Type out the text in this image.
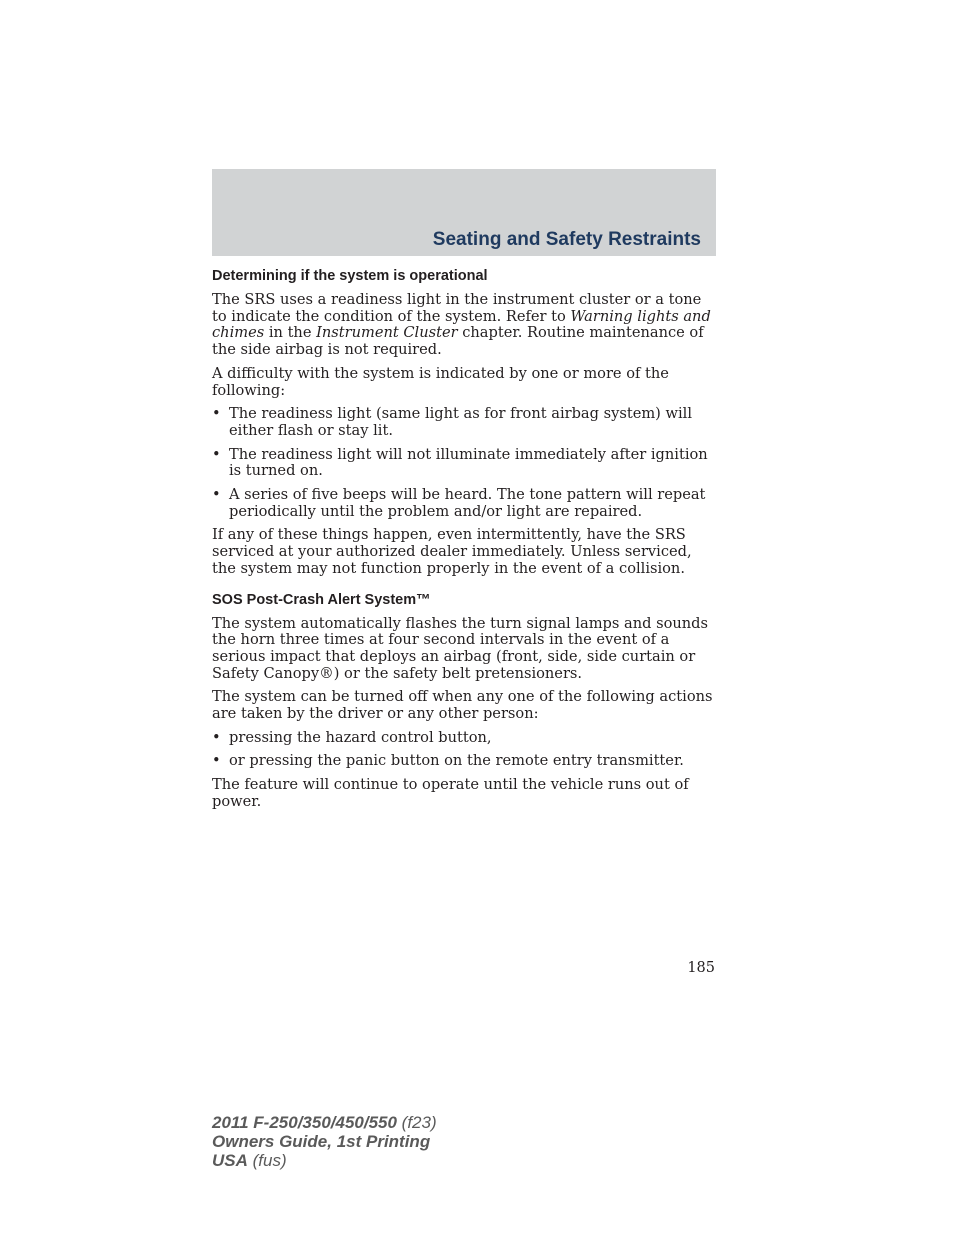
Seating and Safety Restraints
Determining if the system is operational

The SRS uses a readiness light in the instrument cluster or a tone to indicate the condition of the system. Refer to Warning lights and chimes in the Instrument Cluster chapter. Routine maintenance of the side airbag is not required.

A difficulty with the system is indicated by one or more of the following:

• The readiness light (same light as for front airbag system) will either flash or stay lit.
• The readiness light will not illuminate immediately after ignition is turned on.
• A series of five beeps will be heard. The tone pattern will repeat periodically until the problem and/or light are repaired.

If any of these things happen, even intermittently, have the SRS serviced at your authorized dealer immediately. Unless serviced, the system may not function properly in the event of a collision.

SOS Post-Crash Alert System™

The system automatically flashes the turn signal lamps and sounds the horn three times at four second intervals in the event of a serious impact that deploys an airbag (front, side, side curtain or Safety Canopy®) or the safety belt pretensioners.

The system can be turned off when any one of the following actions are taken by the driver or any other person:

• pressing the hazard control button,
• or pressing the panic button on the remote entry transmitter.

The feature will continue to operate until the vehicle runs out of power.

185
2011 F-250/350/450/550 (f23)
Owners Guide, 1st Printing
USA (fus)
